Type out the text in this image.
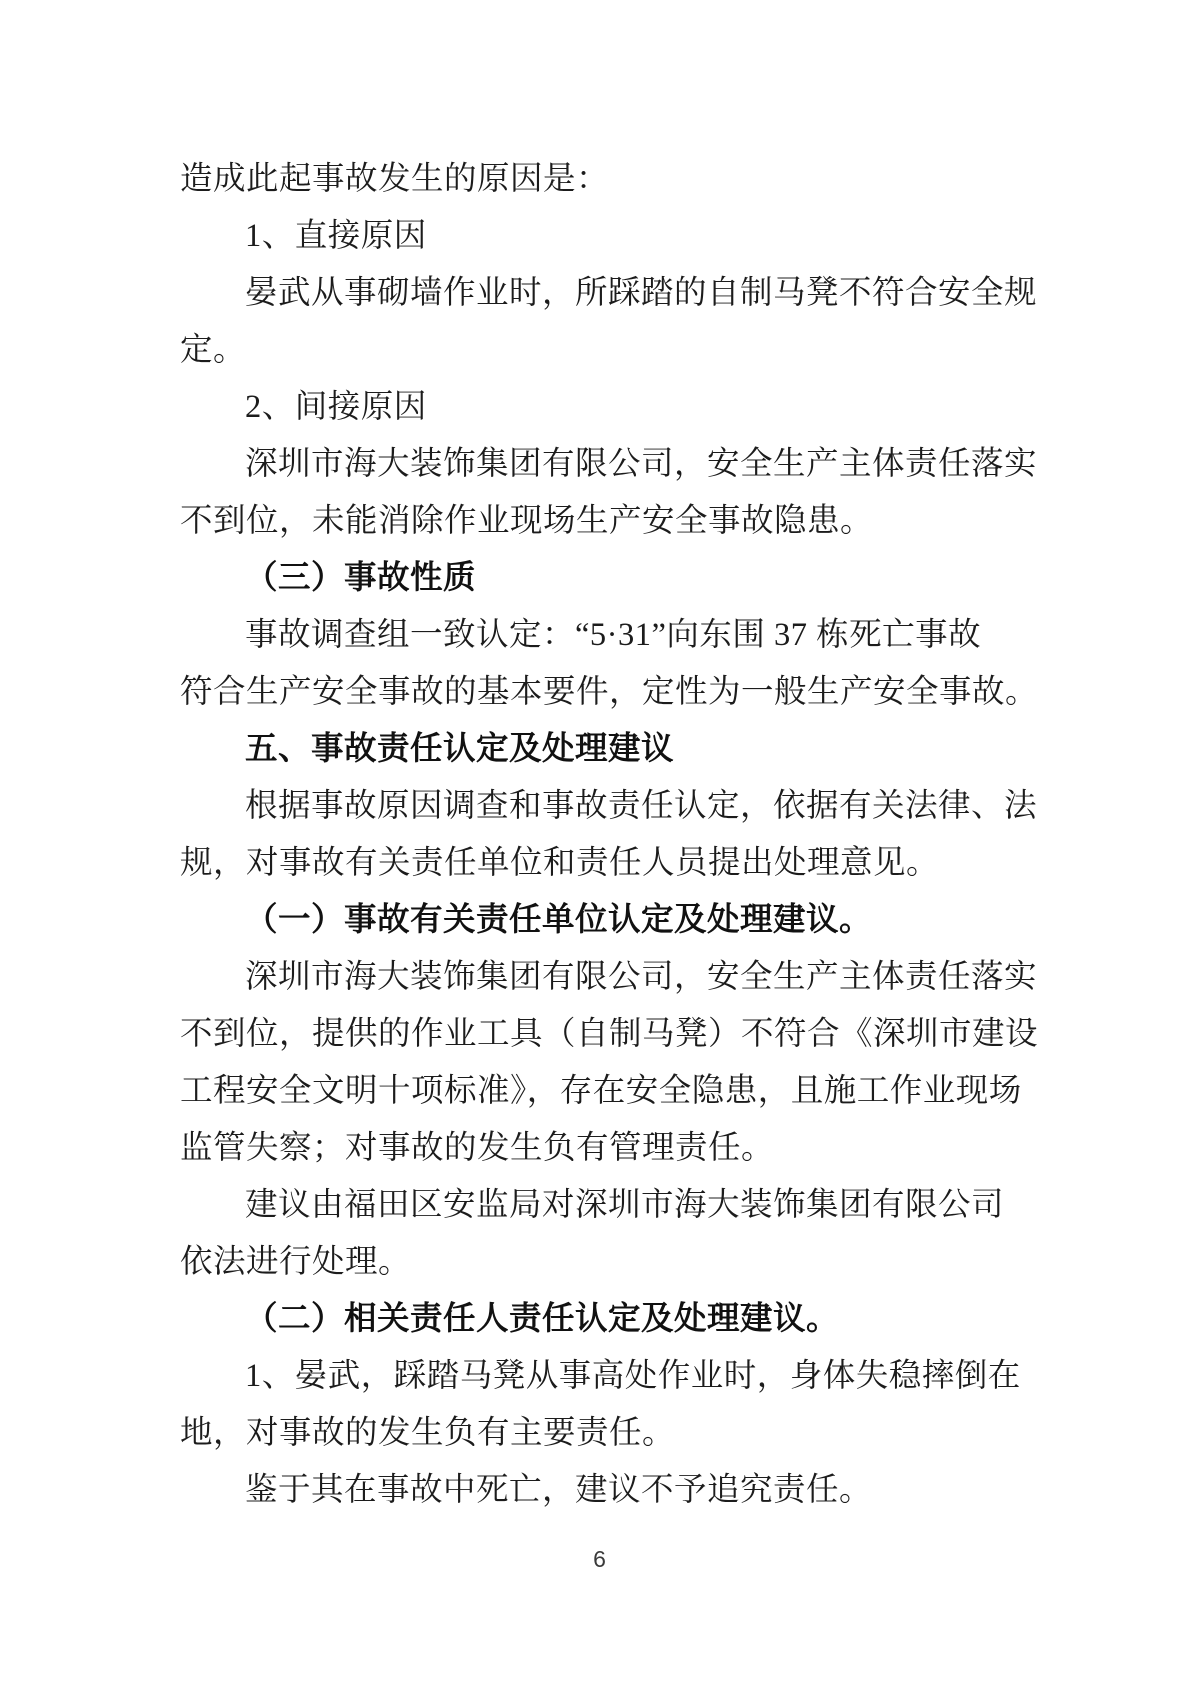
造成此起事故发生的原因是：
1、直接原因
晏武从事砌墙作业时，所踩踏的自制马凳不符合安全规
定。
2、间接原因
深圳市海大装饰集团有限公司，安全生产主体责任落实
不到位，未能消除作业现场生产安全事故隐患。
（三）事故性质
事故调查组一致认定：“5·31”向东围 37 栋死亡事故
符合生产安全事故的基本要件，定性为一般生产安全事故。
五、事故责任认定及处理建议
根据事故原因调查和事故责任认定，依据有关法律、法
规，对事故有关责任单位和责任人员提出处理意见。
（一）事故有关责任单位认定及处理建议。
深圳市海大装饰集团有限公司，安全生产主体责任落实
不到位，提供的作业工具（自制马凳）不符合《深圳市建设
工程安全文明十项标准》，存在安全隐患，且施工作业现场
监管失察；对事故的发生负有管理责任。
建议由福田区安监局对深圳市海大装饰集团有限公司
依法进行处理。
（二）相关责任人责任认定及处理建议。
1、晏武，踩踏马凳从事高处作业时，身体失稳摔倒在
地，对事故的发生负有主要责任。
鉴于其在事故中死亡，建议不予追究责任。
6
